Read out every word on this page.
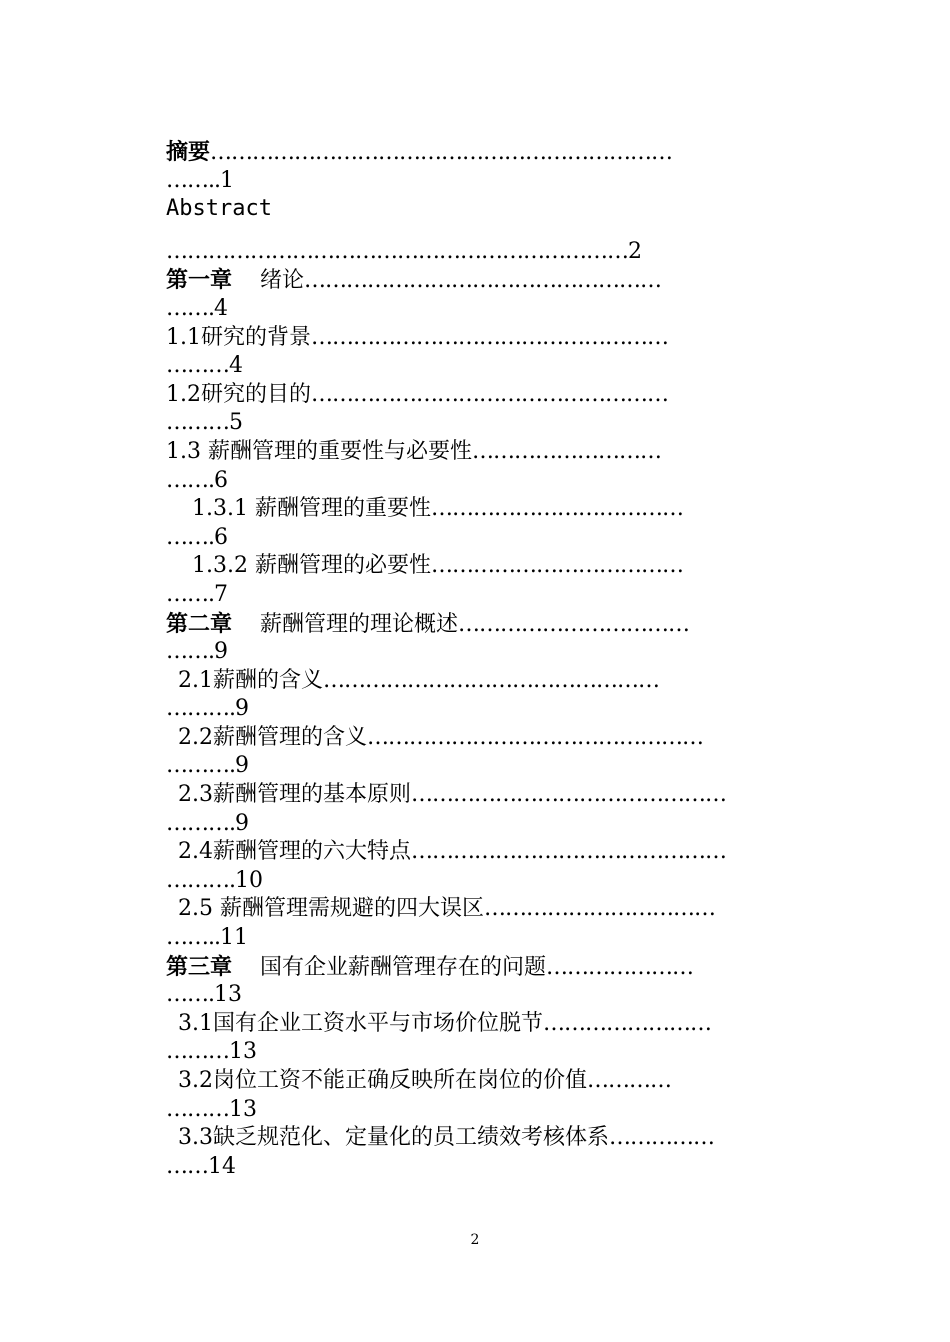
摘要…………………………………………………………
……..1
Abstract
…………………………………………………………2
第一章 绪论……………………………………………
…….4
1.1研究的背景……………………………………………
………4
1.2研究的目的……………………………………………
………5
1.3 薪酬管理的重要性与必要性………………………
…….6
1.3.1 薪酬管理的重要性………………………………
…….6
1.3.2 薪酬管理的必要性………………………………
…….7
第二章 薪酬管理的理论概述……………………………
…….9
2.1薪酬的含义…………………………………………
……….9
2.2薪酬管理的含义…………………………………………
……….9
2.3薪酬管理的基本原则………………………………………
……….9
2.4薪酬管理的六大特点………………………………………
……….10
2.5 薪酬管理需规避的四大误区……………………………
……..11
第三章 国有企业薪酬管理存在的问题…………………
…….13
3.1国有企业工资水平与市场价位脱节……………………
………13
3.2岗位工资不能正确反映所在岗位的价值…………
………13
3.3缺乏规范化、定量化的员工绩效考核体系……………
……14
2
